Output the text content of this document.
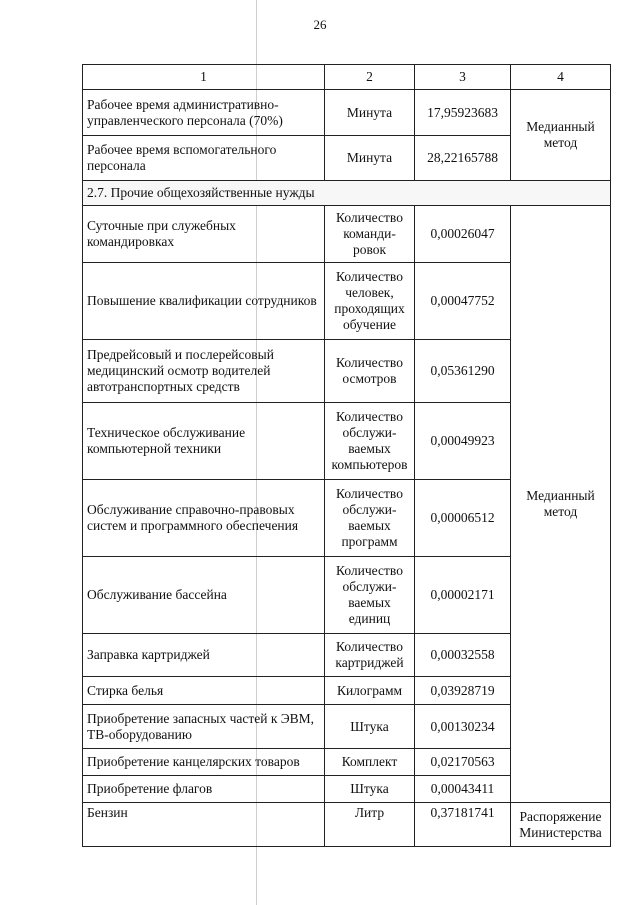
26
1	2	3	4
Рабочее время административно-управленческого персонала (70%)	Минута	17,95923683	Медианный метод
Рабочее время вспомогательного персонала	Минута	28,22165788	
2.7. Прочие общехозяйственные нужды			
Суточные при служебных командировках	Количество команди-ровок	0,00026047	Медианный метод
Повышение квалификации сотрудников	Количество человек, проходящих обучение	0,00047752	
Предрейсовый и послерейсовый медицинский осмотр водителей автотранспортных средств	Количество осмотров	0,05361290	
Техническое обслуживание компьютерной техники	Количество обслужи-ваемых компьютеров	0,00049923	
Обслуживание справочно-правовых систем и программного обеспечения	Количество обслужи-ваемых программ	0,00006512	
Обслуживание бассейна	Количество обслужи-ваемых единиц	0,00002171	
Заправка картриджей	Количество картриджей	0,00032558	
Стирка белья	Килограмм	0,03928719	
Приобретение запасных частей к ЭВМ, ТВ-оборудованию	Штука	0,00130234	
Приобретение канцелярских товаров	Комплект	0,02170563	
Приобретение флагов	Штука	0,00043411	
Бензин	Литр	0,37181741	Распоряжение Министерства
